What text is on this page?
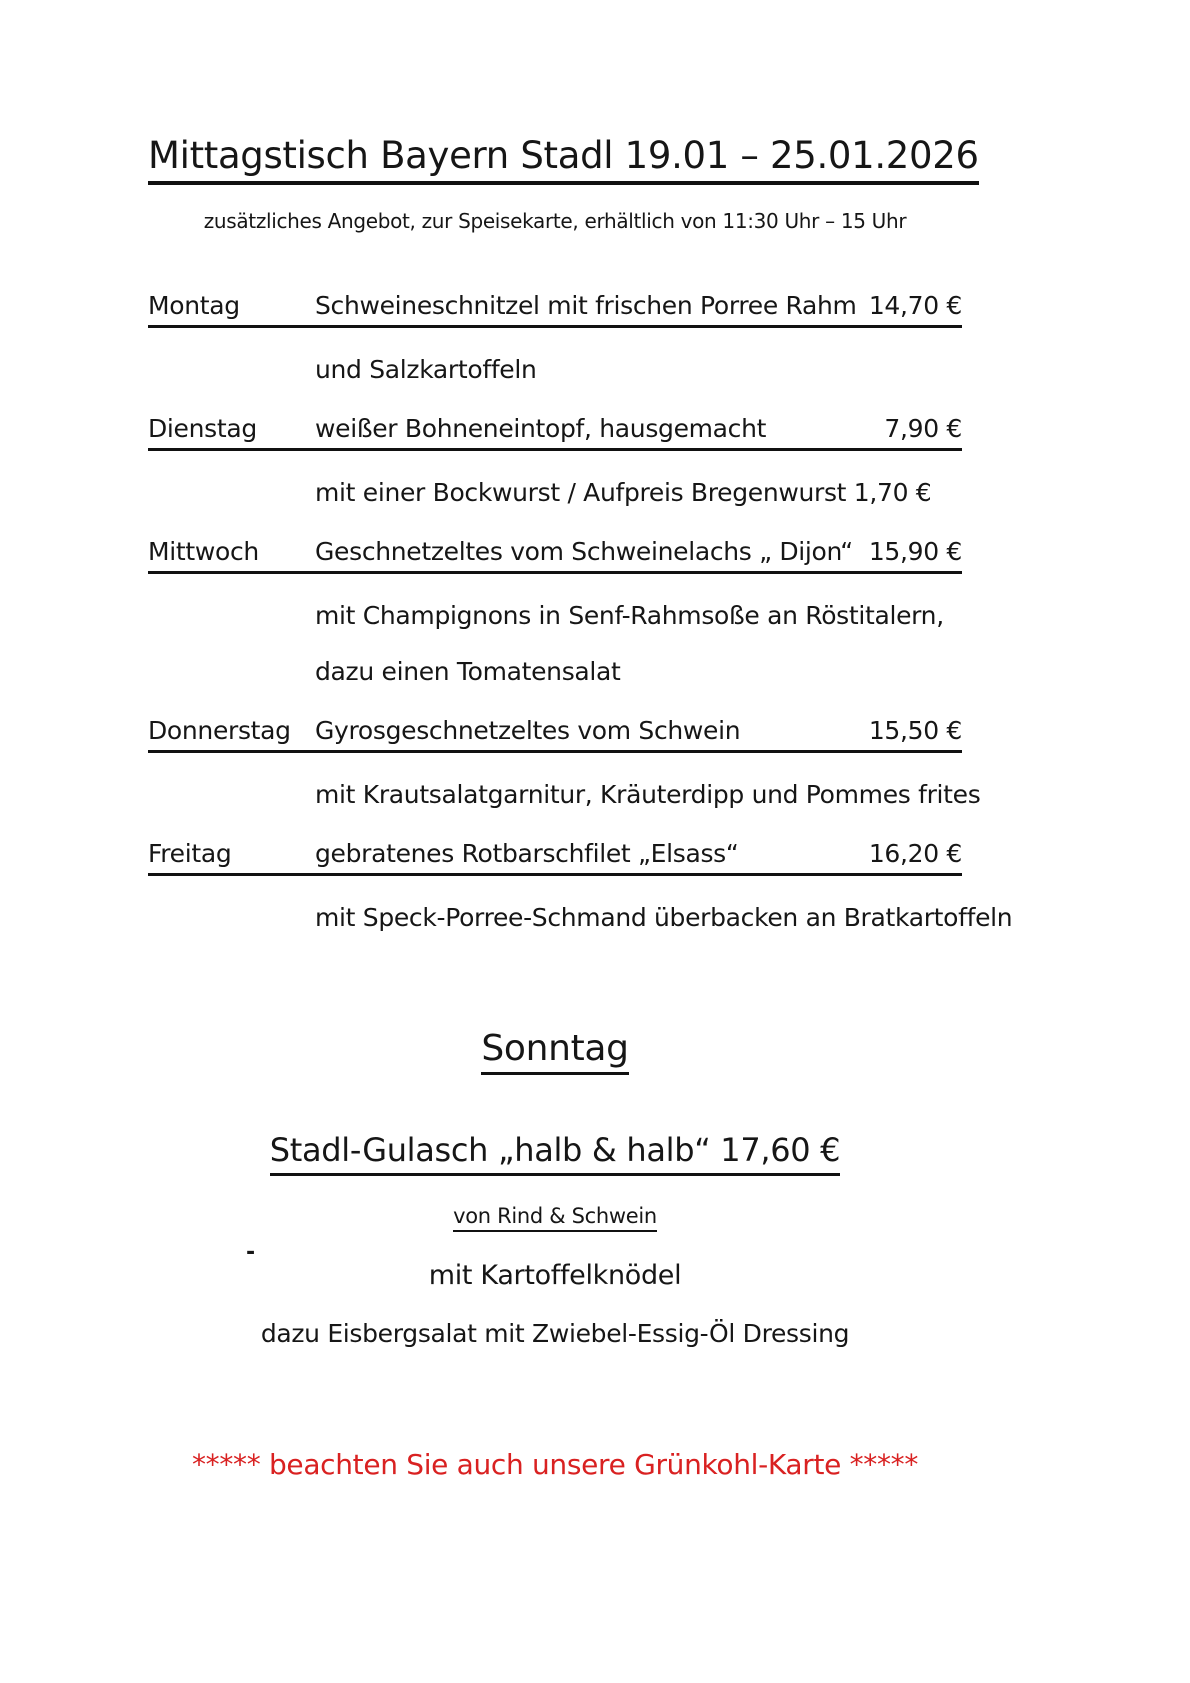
Mittagstisch Bayern Stadl 19.01 – 25.01.2026

zusätzliches Angebot, zur Speisekarte, erhältlich von 11:30 Uhr – 15 Uhr

Montag	Schweineschnitzel mit frischen Porree Rahm 14,70 €

und Salzkartoffeln

Dienstag	weißer Bohneneintopf, hausgemacht	7,90 €

mit einer Bockwurst / Aufpreis Bregenwurst 1,70 €

Mittwoch	Geschnetzeltes vom Schweinelachs „ Dijon“ 15,90 €

mit Champignons in Senf-Rahmsoße an Röstitalern,

dazu einen Tomatensalat

Donnerstag Gyrosgeschnetzeltes vom Schwein	15,50 €

mit Krautsalatgarnitur, Kräuterdipp und Pommes frites

Freitag	gebratenes Rotbarschfilet „Elsass“	16,20 €

mit Speck-Porree-Schmand überbacken an Bratkartoffeln

Sonntag
Stadl-Gulasch „halb & halb“ 17,60 €
von Rind & Schwein

mit Kartoffelknödel

dazu Eisbergsalat mit Zwiebel-Essig-Öl Dressing

***** beachten Sie auch unsere Grünkohl-Karte *****

-
